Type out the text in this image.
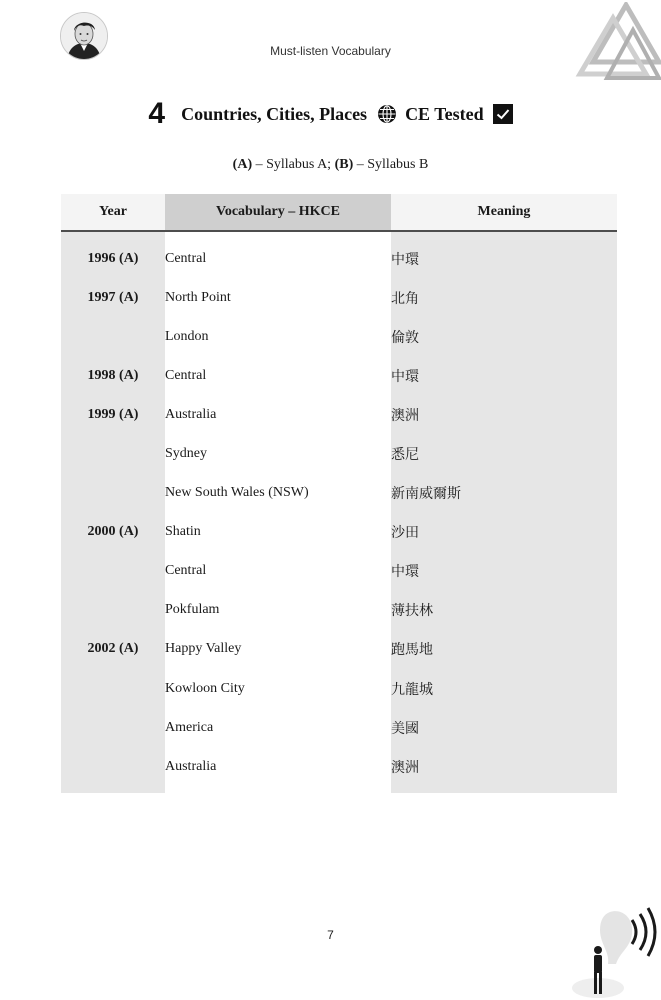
Must-listen Vocabulary
4 Countries, Cities, Places CE Tested
(A) – Syllabus A; (B) – Syllabus B
Year	Vocabulary – HKCE	Meaning
1996 (A)	Central	中環
1997 (A)	North Point	北角
	London	倫敦
1998 (A)	Central	中環
1999 (A)	Australia	澳洲
	Sydney	悉尼
	New South Wales (NSW)	新南威爾斯
2000 (A)	Shatin	沙田
	Central	中環
	Pokfulam	薄扶林
2002 (A)	Happy Valley	跑馬地
	Kowloon City	九龍城
	America	美國
	Australia	澳洲
7
